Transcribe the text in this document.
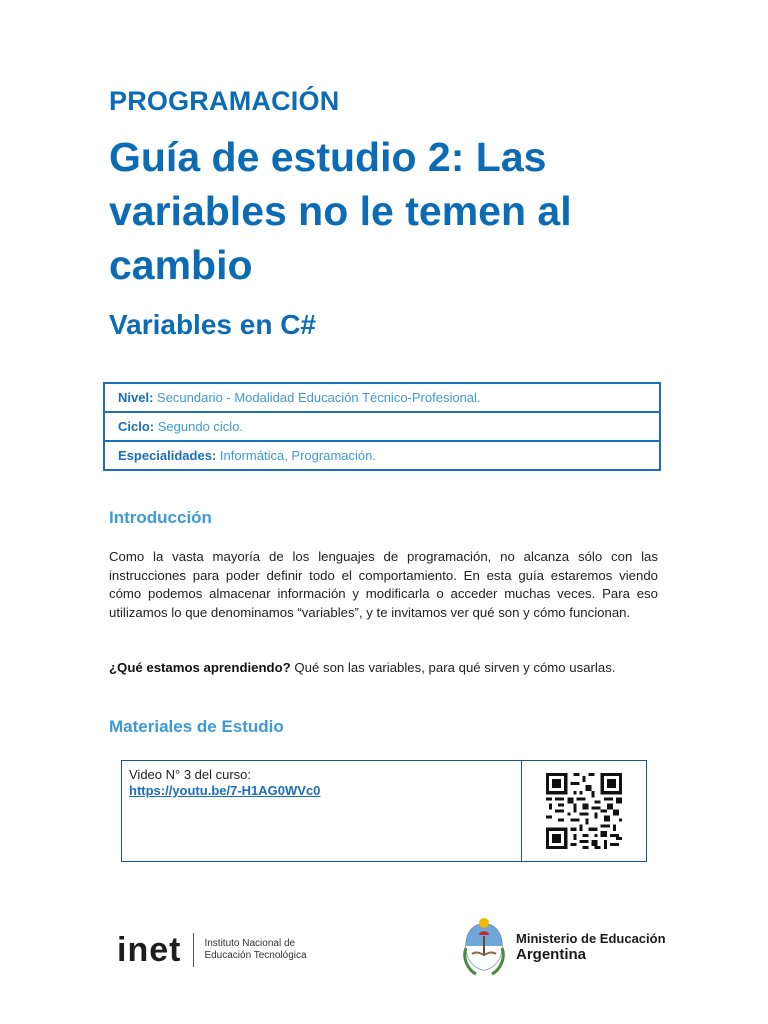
PROGRAMACIÓN
Guía de estudio 2: Las variables no le temen al cambio
Variables en C#
Nivel: Secundario - Modalidad Educación Técnico-Profesional.
Ciclo: Segundo ciclo.
Especialidades: Informática, Programación.
Introducción
Como la vasta mayoría de los lenguajes de programación, no alcanza sólo con las instrucciones para poder definir todo el comportamiento. En esta guía estaremos viendo cómo podemos almacenar información y modificarla o acceder muchas veces. Para eso utilizamos lo que denominamos “variables”, y te invitamos ver qué son y cómo funcionan.
¿Qué estamos aprendiendo? Qué son las variables, para qué sirven y cómo usarlas.
Materiales de Estudio
Video N° 3 del curso:
https://youtu.be/7-H1AG0WVc0
inet Instituto Nacional de
Educación Tecnológica
Ministerio de Educación
Argentina
